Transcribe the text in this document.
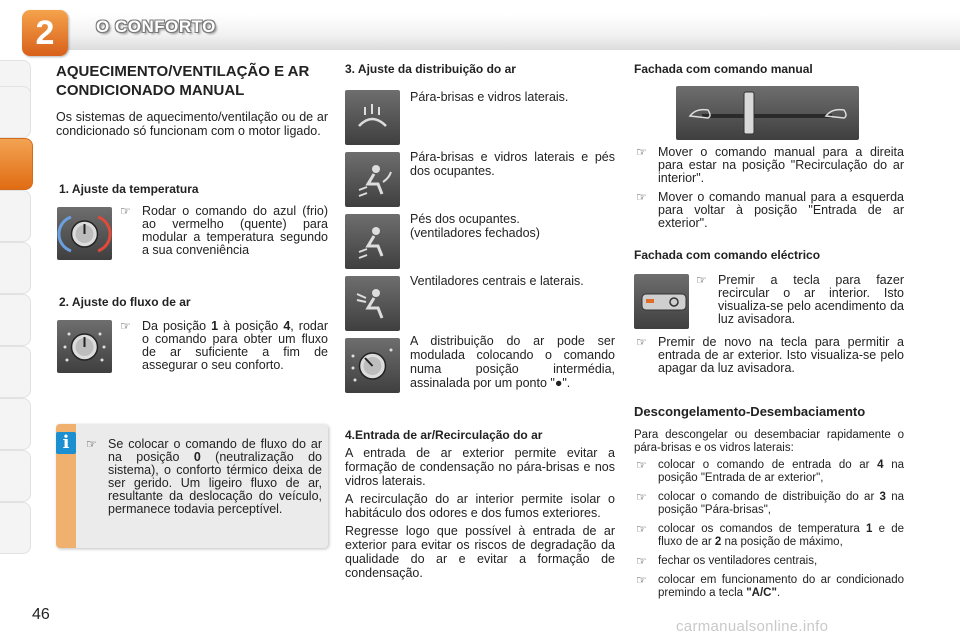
2	O CONFORTO
AQUECIMENTO/VENTILAÇÃO E AR CONDICIONADO MANUAL
Os sistemas de aquecimento/ventilação ou de ar condicionado só funcionam com o motor ligado.
1. Ajuste da temperatura
☞ Rodar o comando do azul (frio) ao vermelho (quente) para modular a temperatura segundo a sua conveniência
2. Ajuste do fluxo de ar
☞ Da posição 1 à posição 4, rodar o comando para obter um fluxo de ar suficiente a fim de assegurar o seu conforto.
i	☞ Se colocar o comando de fluxo do ar na posição 0 (neutralização do sistema), o conforto térmico deixa de ser gerido. Um ligeiro fluxo de ar, resultante da deslocação do veículo, permanece todavia perceptível.
3. Ajuste da distribuição do ar
Pára-brisas e vidros laterais.
Pára-brisas e vidros laterais e pés dos ocupantes.
Pés dos ocupantes.
(ventiladores fechados)
Ventiladores centrais e laterais.
A distribuição do ar pode ser modulada colocando o comando numa posição intermédia, assinalada por um ponto "●".
4.Entrada de ar/Recirculação do ar

A entrada de ar exterior permite evitar a formação de condensação no pára-brisas e nos vidros laterais.

A recirculação do ar interior permite isolar o habitáculo dos odores e dos fumos exteriores.

Regresse logo que possível à entrada de ar exterior para evitar os riscos de degradação da qualidade do ar e evitar a formação de condensação.

Fachada com comando manual
☞ Mover o comando manual para a direita para estar na posição "Recirculação do ar interior".
☞ Mover o comando manual para a esquerda para voltar à posição "Entrada de ar exterior".
Fachada com comando eléctrico
☞ Premir a tecla para fazer recircular o ar interior. Isto visualiza-se pelo acendimento da luz avisadora.
☞ Premir de novo na tecla para permitir a entrada de ar exterior. Isto visualiza-se pelo apagar da luz avisadora.
Descongelamento-Desembaciamento
Para descongelar ou desembaciar rapidamente o pára-brisas e os vidros laterais:
☞ colocar o comando de entrada do ar 4 na posição "Entrada de ar exterior",
☞ colocar o comando de distribuição do ar 3 na posição "Pára-brisas",
☞ colocar os comandos de temperatura 1 e de fluxo de ar 2 na posição de máximo,
☞ fechar os ventiladores centrais,
☞ colocar em funcionamento do ar condicionado premindo a tecla "A/C".
46
carmanualsonline.info
